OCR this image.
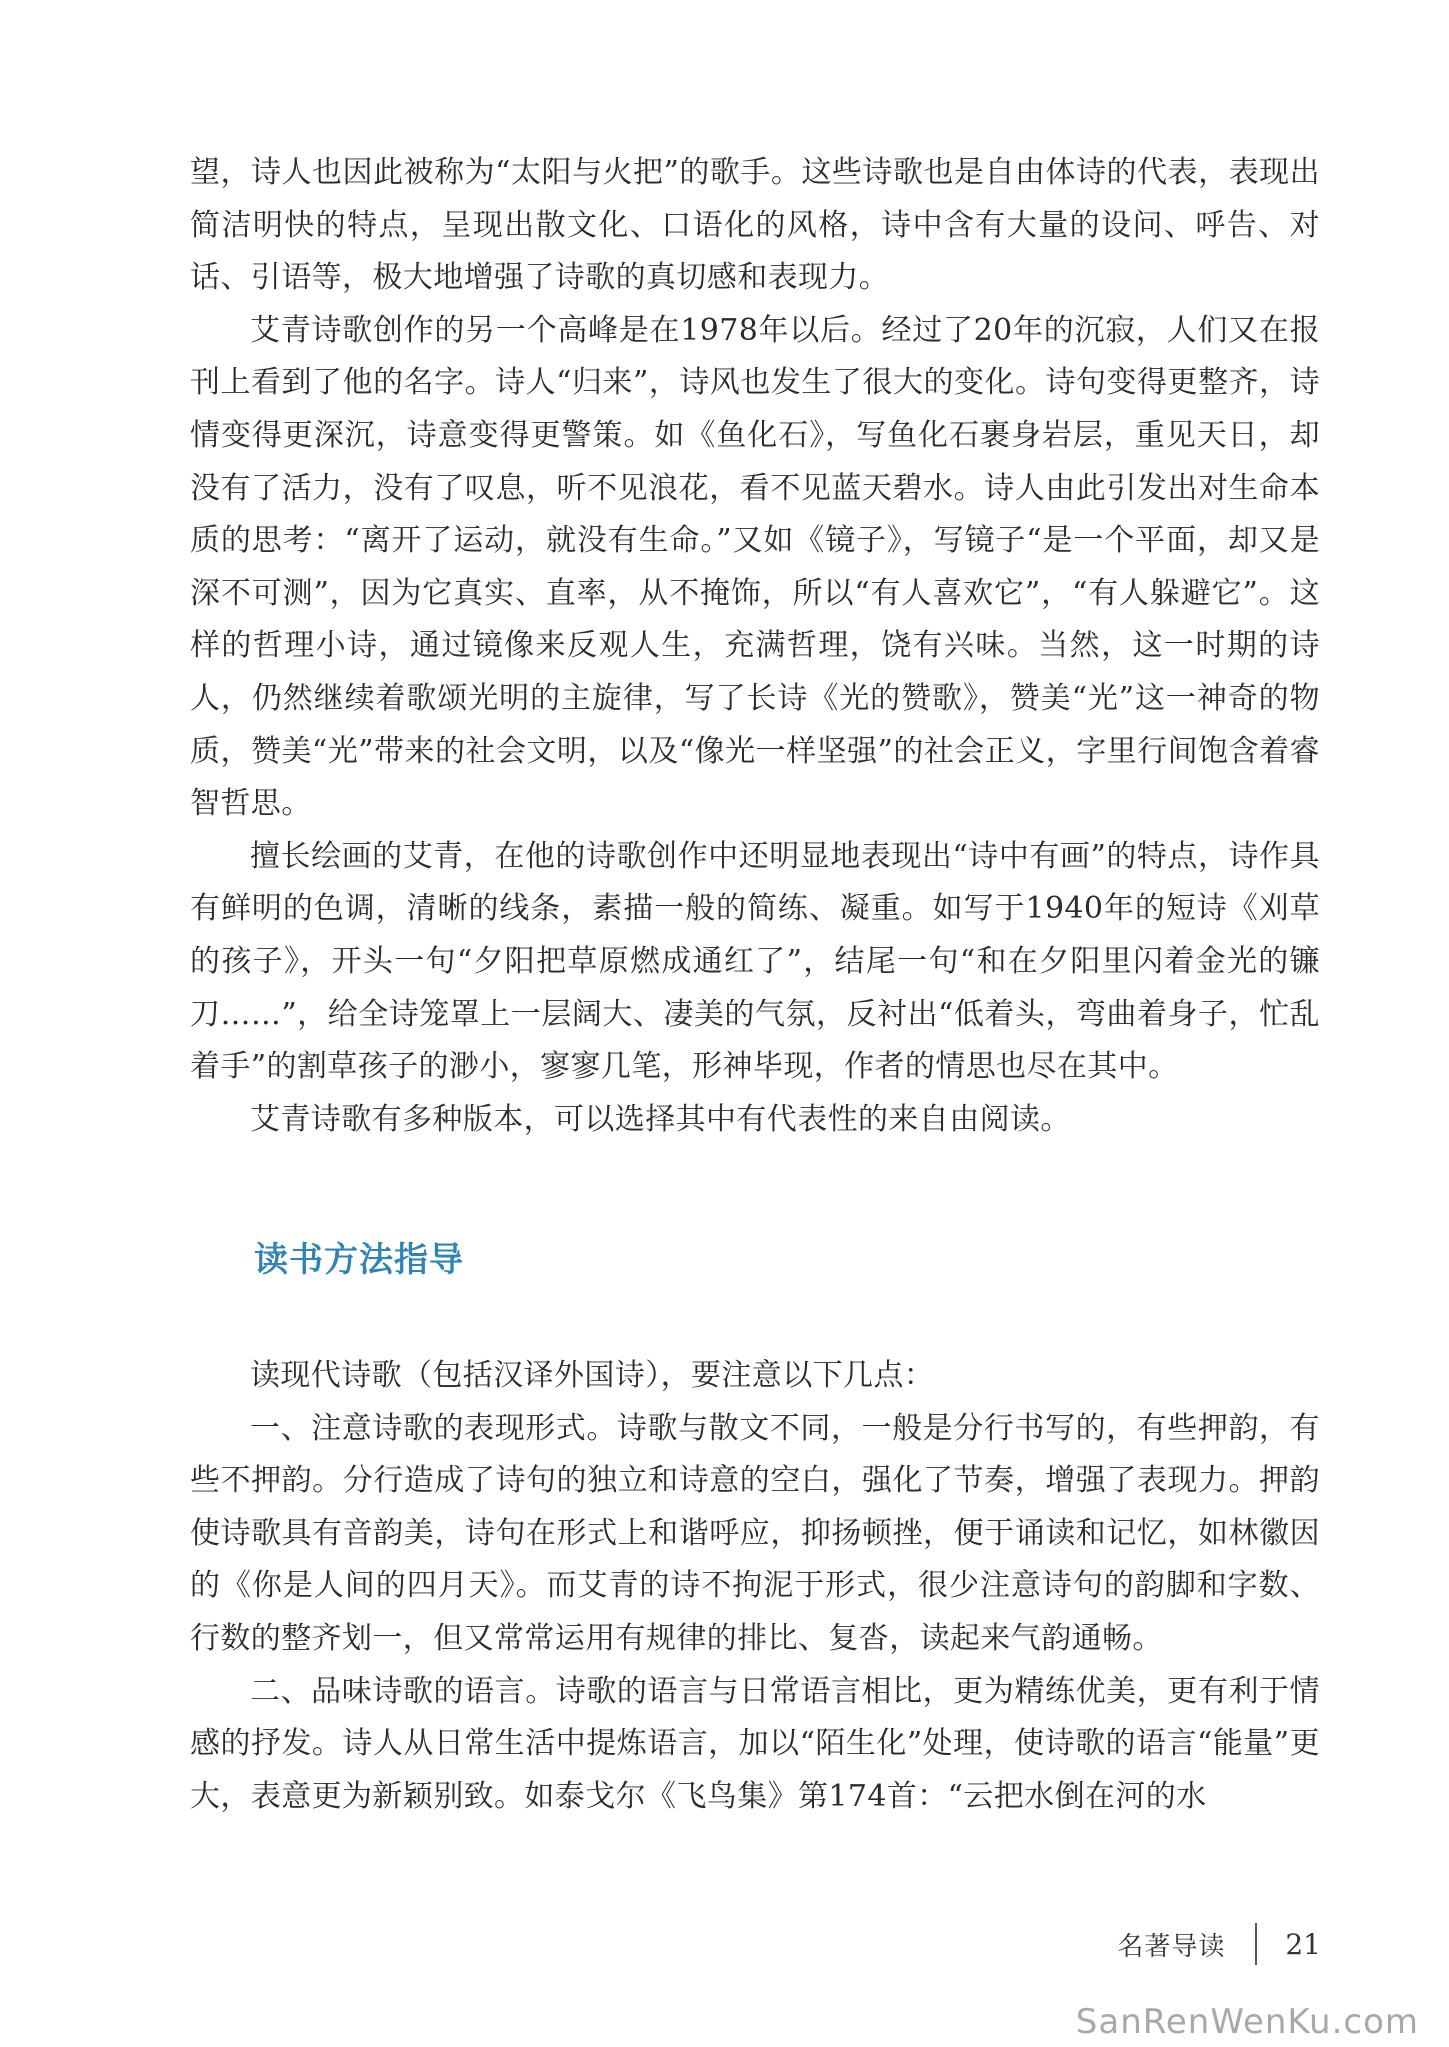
望，诗人也因此被称为“太阳与火把”的歌手。这些诗歌也是自由体诗的代表，表现出简洁明快的特点，呈现出散文化、口语化的风格，诗中含有大量的设问、呼告、对话、引语等，极大地增强了诗歌的真切感和表现力。

艾青诗歌创作的另一个高峰是在1978年以后。经过了20年的沉寂，人们又在报刊上看到了他的名字。诗人“归来”，诗风也发生了很大的变化。诗句变得更整齐，诗情变得更深沉，诗意变得更警策。如《鱼化石》，写鱼化石裹身岩层，重见天日，却没有了活力，没有了叹息，听不见浪花，看不见蓝天碧水。诗人由此引发出对生命本质的思考：“离开了运动，就没有生命。”又如《镜子》，写镜子“是一个平面，却又是深不可测”，因为它真实、直率，从不掩饰，所以“有人喜欢它”，“有人躲避它”。这样的哲理小诗，通过镜像来反观人生，充满哲理，饶有兴味。当然，这一时期的诗人，仍然继续着歌颂光明的主旋律，写了长诗《光的赞歌》，赞美“光”这一神奇的物质，赞美“光”带来的社会文明，以及“像光一样坚强”的社会正义，字里行间饱含着睿智哲思。

擅长绘画的艾青，在他的诗歌创作中还明显地表现出“诗中有画”的特点，诗作具有鲜明的色调，清晰的线条，素描一般的简练、凝重。如写于1940年的短诗《刈草的孩子》，开头一句“夕阳把草原燃成通红了”，结尾一句“和在夕阳里闪着金光的镰刀……”，给全诗笼罩上一层阔大、凄美的气氛，反衬出“低着头，弯曲着身子，忙乱着手”的割草孩子的渺小，寥寥几笔，形神毕现，作者的情思也尽在其中。

艾青诗歌有多种版本，可以选择其中有代表性的来自由阅读。

读书方法指导

读现代诗歌（包括汉译外国诗），要注意以下几点：

一、注意诗歌的表现形式。诗歌与散文不同，一般是分行书写的，有些押韵，有些不押韵。分行造成了诗句的独立和诗意的空白，强化了节奏，增强了表现力。押韵使诗歌具有音韵美，诗句在形式上和谐呼应，抑扬顿挫，便于诵读和记忆，如林徽因的《你是人间的四月天》。而艾青的诗不拘泥于形式，很少注意诗句的韵脚和字数、行数的整齐划一，但又常常运用有规律的排比、复沓，读起来气韵通畅。

二、品味诗歌的语言。诗歌的语言与日常语言相比，更为精练优美，更有利于情感的抒发。诗人从日常生活中提炼语言，加以“陌生化”处理，使诗歌的语言“能量”更大，表意更为新颖别致。如泰戈尔《飞鸟集》第174首：“云把水倒在河的水

名著导读 21
SanRenWenKu.com
